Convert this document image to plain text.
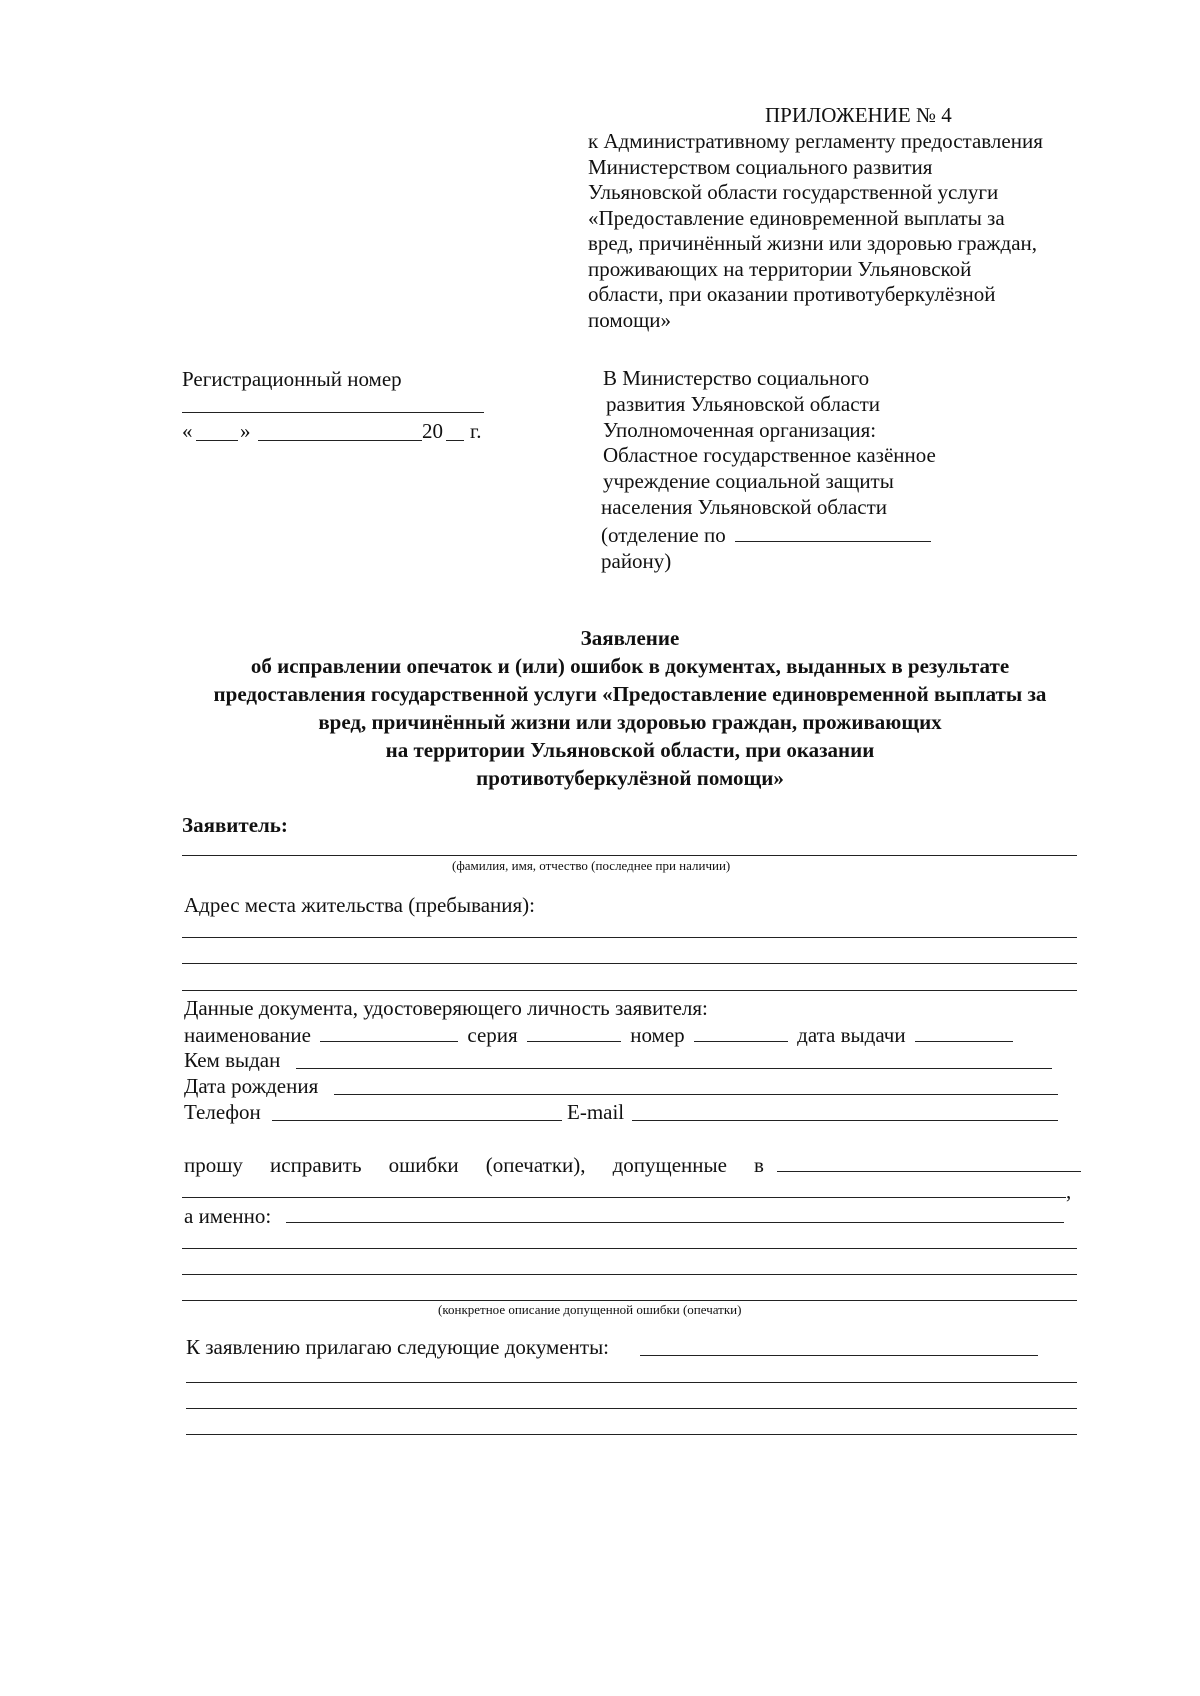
ПРИЛОЖЕНИЕ № 4
к Административному регламенту предоставления
Министерством социального развития
Ульяновской области государственной услуги
«Предоставление единовременной выплаты за
вред, причинённый жизни или здоровью граждан,
проживающих на территории Ульяновской
области, при оказании противотуберкулёзной
помощи»
Регистрационный номер
« »	20 г.
В Министерство социального
развития Ульяновской области
Уполномоченная организация:
Областное государственное казённое
учреждение социальной защиты
населения Ульяновской области
(отделение по
району)
Заявление
об исправлении опечаток и (или) ошибок в документах, выданных в результате
предоставления государственной услуги «Предоставление единовременной выплаты за
вред, причинённый жизни или здоровью граждан, проживающих
на территории Ульяновской области, при оказании
противотуберкулёзной помощи»
Заявитель:
(фамилия, имя, отчество (последнее при наличии)
Адрес места жительства (пребывания):
Данные документа, удостоверяющего личность заявителя:
наименование	серия	номер	дата выдачи
Кем выдан
Дата рождения
Телефон	E-mail
прошу исправить ошибки (опечатки), допущенные в
,
а именно:
(конкретное описание допущенной ошибки (опечатки)
К заявлению прилагаю следующие документы:
